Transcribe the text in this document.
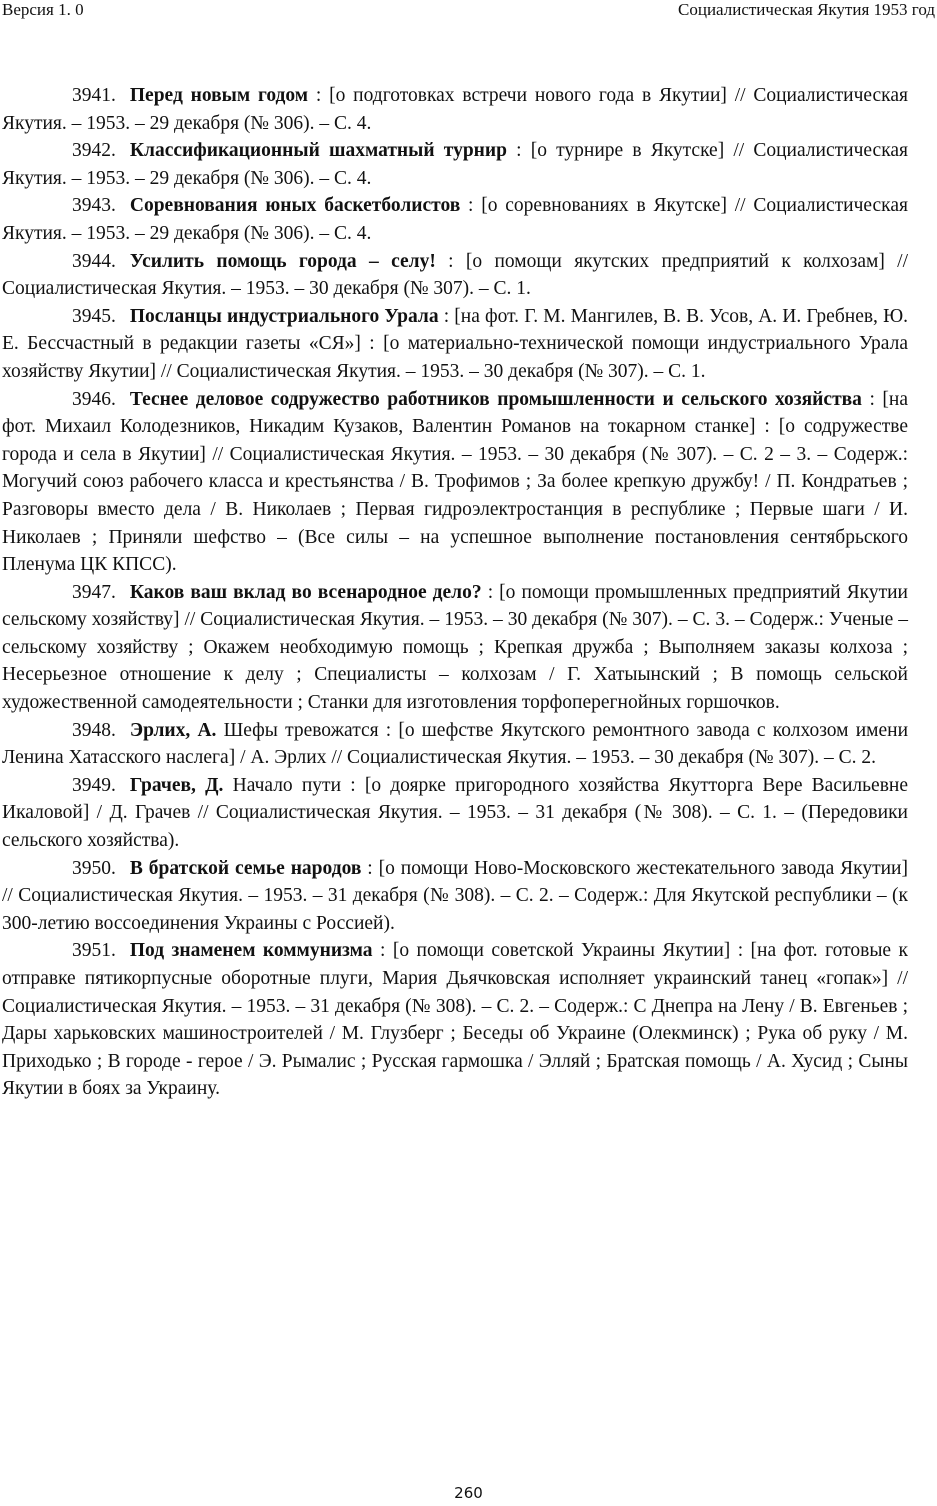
Версия 1. 0	Социалистическая Якутия 1953 год

3941. Перед новым годом : [о подготовках встречи нового года в Якутии] // Социалистическая Якутия. – 1953. – 29 декабря (№ 306). – С. 4.

3942. Классификационный шахматный турнир : [о турнире в Якутске] // Социалистическая Якутия. – 1953. – 29 декабря (№ 306). – С. 4.

3943. Соревнования юных баскетболистов : [о соревнованиях в Якутске] // Социалистическая Якутия. – 1953. – 29 декабря (№ 306). – С. 4.

3944. Усилить помощь города – селу! : [о помощи якутских предприятий к колхозам] // Социалистическая Якутия. – 1953. – 30 декабря (№ 307). – С. 1.

3945. Посланцы индустриального Урала : [на фот. Г. М. Мангилев, В. В. Усов, А. И. Гребнев, Ю. Е. Бессчастный в редакции газеты «СЯ»] : [о материально-технической помощи индустриального Урала хозяйству Якутии] // Социалистическая Якутия. – 1953. – 30 декабря (№ 307). – С. 1.

3946. Теснее деловое содружество работников промышленности и сельского хозяйства : [на фот. Михаил Колодезников, Никадим Кузаков, Валентин Романов на токарном станке] : [о содружестве города и села в Якутии] // Социалистическая Якутия. – 1953. – 30 декабря (№ 307). – С. 2 – 3. – Содерж.: Могучий союз рабочего класса и крестьянства / В. Трофимов ; За более крепкую дружбу! / П. Кондратьев ; Разговоры вместо дела / В. Николаев ; Первая гидроэлектростанция в республике ; Первые шаги / И. Николаев ; Приняли шефство – (Все силы – на успешное выполнение постановления сентябрьского Пленума ЦК КПСС).

3947. Каков ваш вклад во всенародное дело? : [о помощи промышленных предприятий Якутии сельскому хозяйству] // Социалистическая Якутия. – 1953. – 30 декабря (№ 307). – С. 3. – Содерж.: Ученые – сельскому хозяйству ; Окажем необходимую помощь ; Крепкая дружба ; Выполняем заказы колхоза ; Несерьезное отношение к делу ; Специалисты – колхозам / Г. Хатыынский ; В помощь сельской художественной самодеятельности ; Станки для изготовления торфоперегнойных горшочков.

3948. Эрлих, А. Шефы тревожатся : [о шефстве Якутского ремонтного завода с колхозом имени Ленина Хатасского наслега] / А. Эрлих // Социалистическая Якутия. – 1953. – 30 декабря (№ 307). – С. 2.

3949. Грачев, Д. Начало пути : [о доярке пригородного хозяйства Якутторга Вере Васильевне Икаловой] / Д. Грачев // Социалистическая Якутия. – 1953. – 31 декабря (№ 308). – С. 1. – (Передовики сельского хозяйства).

3950. В братской семье народов : [о помощи Ново-Московского жестекательного завода Якутии] // Социалистическая Якутия. – 1953. – 31 декабря (№ 308). – С. 2. – Содерж.: Для Якутской республики – (к 300-летию воссоединения Украины с Россией).

3951. Под знаменем коммунизма : [о помощи советской Украины Якутии] : [на фот. готовые к отправке пятикорпусные оборотные плуги, Мария Дьячковская исполняет украинский танец «гопак»] // Социалистическая Якутия. – 1953. – 31 декабря (№ 308). – С. 2. – Содерж.: С Днепра на Лену / В. Евгеньев ; Дары харьковских машиностроителей / М. Глузберг ; Беседы об Украине (Олекминск) ; Рука об руку / М. Приходько ; В городе - герое / Э. Рымалис ; Русская гармошка / Элляй ; Братская помощь / А. Хусид ; Сыны Якутии в боях за Украину.

260
